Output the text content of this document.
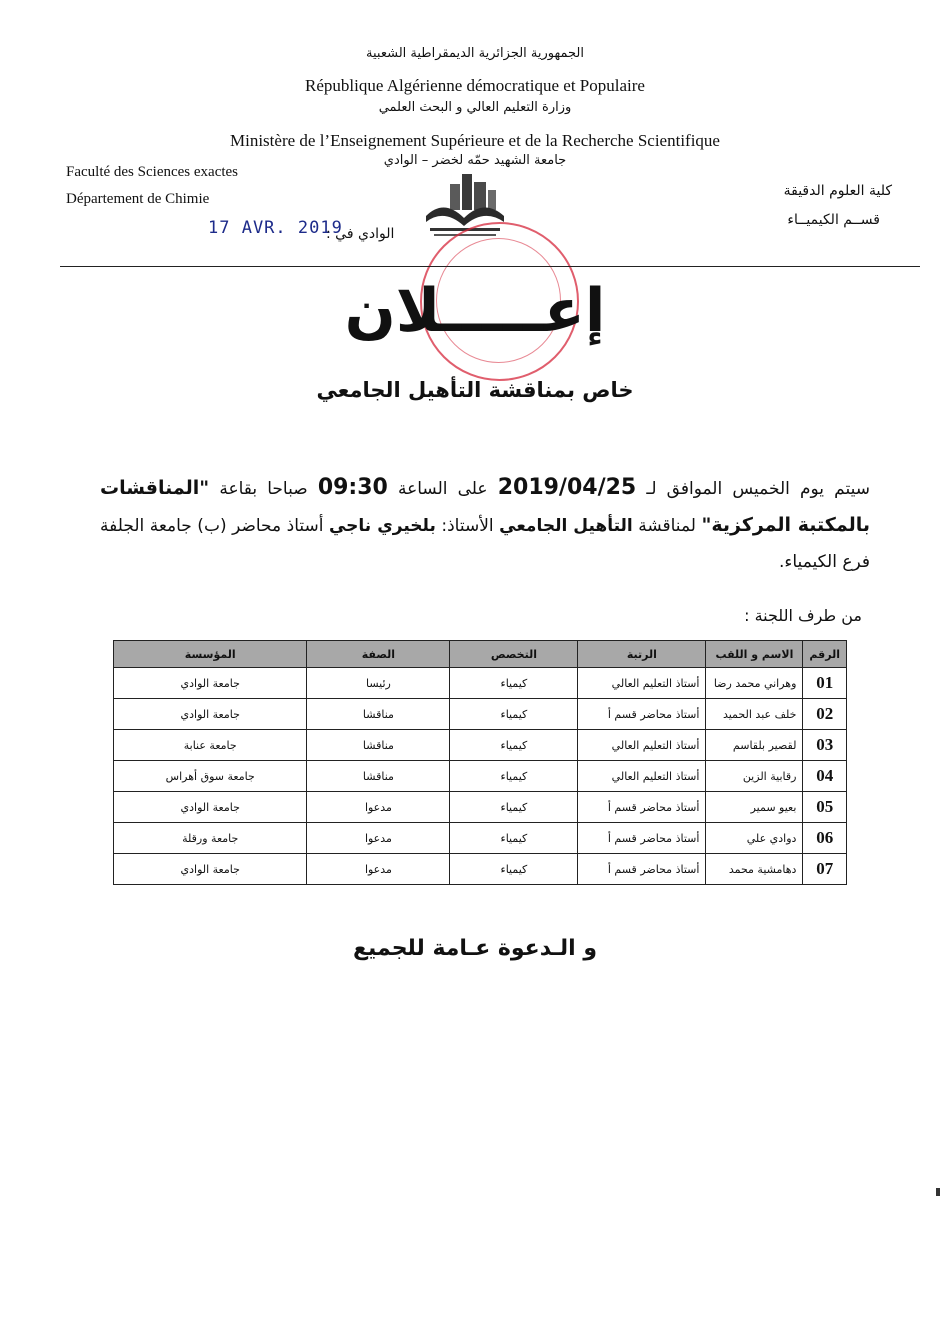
الجمهورية الجزائرية الديمقراطية الشعبية
République Algérienne démocratique et Populaire
وزارة التعليم العالي و البحث العلمي
Ministère de l’Enseignement Supérieure et de la Recherche Scientifique
جامعة الشهيد حمّه لخضر – الوادي
Faculté des Sciences exactes
Département de Chimie
17 AVR. 2019
الوادي في :
كلية العلوم الدقيقة
قســم الكيميــاء
إعـــــلان
خاص بمناقشة التأهيل الجامعي
سيتم يوم الخميس الموافق لـ 2019/04/25 على الساعة 09:30 صباحا بقاعة "المناقشات بالمكتبة المركزية" لمناقشة التأهيل الجامعي الأستاذ: بلخيري ناجي أستاذ محاضر (ب) جامعة الجلفة فرع الكيمياء.
من طرف اللجنة :
الرقم	الاسم و اللقب	الرتبة	التخصص	الصفة	المؤسسة
01	وهراني محمد رضا	أستاذ التعليم العالي	كيمياء	رئيسا	جامعة الوادي
02	خلف عبد الحميد	أستاذ محاضر قسم أ	كيمياء	مناقشا	جامعة الوادي
03	لقصير بلقاسم	أستاذ التعليم العالي	كيمياء	مناقشا	جامعة عنابة
04	رقابية الزين	أستاذ التعليم العالي	كيمياء	مناقشا	جامعة سوق أهراس
05	بعيو سمير	أستاذ محاضر قسم أ	كيمياء	مدعوا	جامعة الوادي
06	دوادي علي	أستاذ محاضر قسم أ	كيمياء	مدعوا	جامعة ورقلة
07	دهامشية محمد	أستاذ محاضر قسم أ	كيمياء	مدعوا	جامعة الوادي
و الـدعوة عـامة للجميع
